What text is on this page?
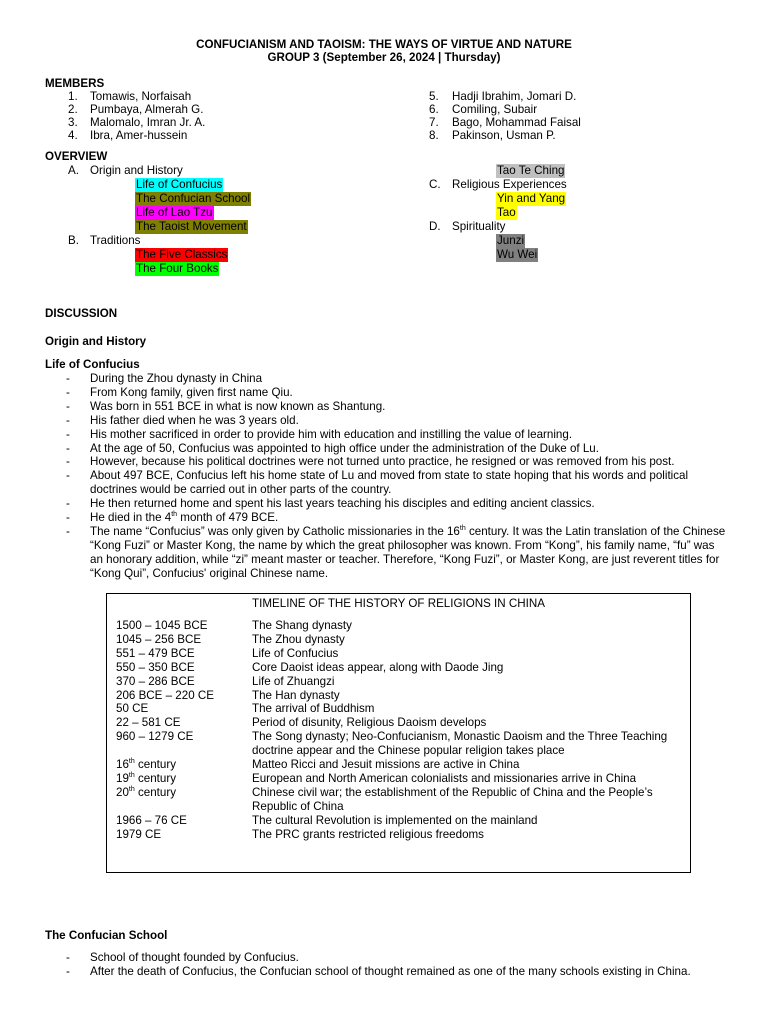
CONFUCIANISM AND TAOISM: THE WAYS OF VIRTUE AND NATURE
GROUP 3 (September 26, 2024 | Thursday)
MEMBERS
1. Tomawis, Norfaisah
2. Pumbaya, Almerah G.
3. Malomalo, Imran Jr. A.
4. Ibra, Amer-hussein
5. Hadji Ibrahim, Jomari D.
6. Comiling, Subair
7. Bago, Mohammad Faisal
8. Pakinson, Usman P.
OVERVIEW
A. Origin and History
Life of Confucius
The Confucian School
Life of Lao Tzu
The Taoist Movement
B. Traditions
The Five Classics
The Four Books
Tao Te Ching
C. Religious Experiences
Yin and Yang
Tao
D. Spirituality
Junzi
Wu Wei
DISCUSSION
Origin and History
Life of Confucius
-	During the Zhou dynasty in China
-	From Kong family, given first name Qiu.
-	Was born in 551 BCE in what is now known as Shantung.
-	His father died when he was 3 years old.
-	His mother sacrificed in order to provide him with education and instilling the value of learning.
-	At the age of 50, Confucius was appointed to high office under the administration of the Duke of Lu.
-	However, because his political doctrines were not turned unto practice, he resigned or was removed from his post.
-	About 497 BCE, Confucius left his home state of Lu and moved from state to state hoping that his words and political doctrines would be carried out in other parts of the country.
-	He then returned home and spent his last years teaching his disciples and editing ancient classics.
-	He died in the 4th month of 479 BCE.
-	The name “Confucius” was only given by Catholic missionaries in the 16th century. It was the Latin translation of the Chinese “Kong Fuzi” or Master Kong, the name by which the great philosopher was known. From “Kong”, his family name, “fu” was an honorary addition, while “zi” meant master or teacher. Therefore, “Kong Fuzi”, or Master Kong, are just reverent titles for “Kong Qui”, Confucius' original Chinese name.
TIMELINE OF THE HISTORY OF RELIGIONS IN CHINA
1500 – 1045 BCE	The Shang dynasty
1045 – 256 BCE	The Zhou dynasty
551 – 479 BCE	Life of Confucius
550 – 350 BCE	Core Daoist ideas appear, along with Daode Jing
370 – 286 BCE	Life of Zhuangzi
206 BCE – 220 CE	The Han dynasty
50 CE	The arrival of Buddhism
22 – 581 CE	Period of disunity, Religious Daoism develops
960 – 1279 CE	The Song dynasty; Neo-Confucianism, Monastic Daoism and the Three Teaching doctrine appear and the Chinese popular religion takes place
16th century	Matteo Ricci and Jesuit missions are active in China
19th century	European and North American colonialists and missionaries arrive in China
20th century	Chinese civil war; the establishment of the Republic of China and the People’s Republic of China
1966 – 76 CE	The cultural Revolution is implemented on the mainland
1979 CE	The PRC grants restricted religious freedoms
The Confucian School
-	School of thought founded by Confucius.
-	After the death of Confucius, the Confucian school of thought remained as one of the many schools existing in China.
